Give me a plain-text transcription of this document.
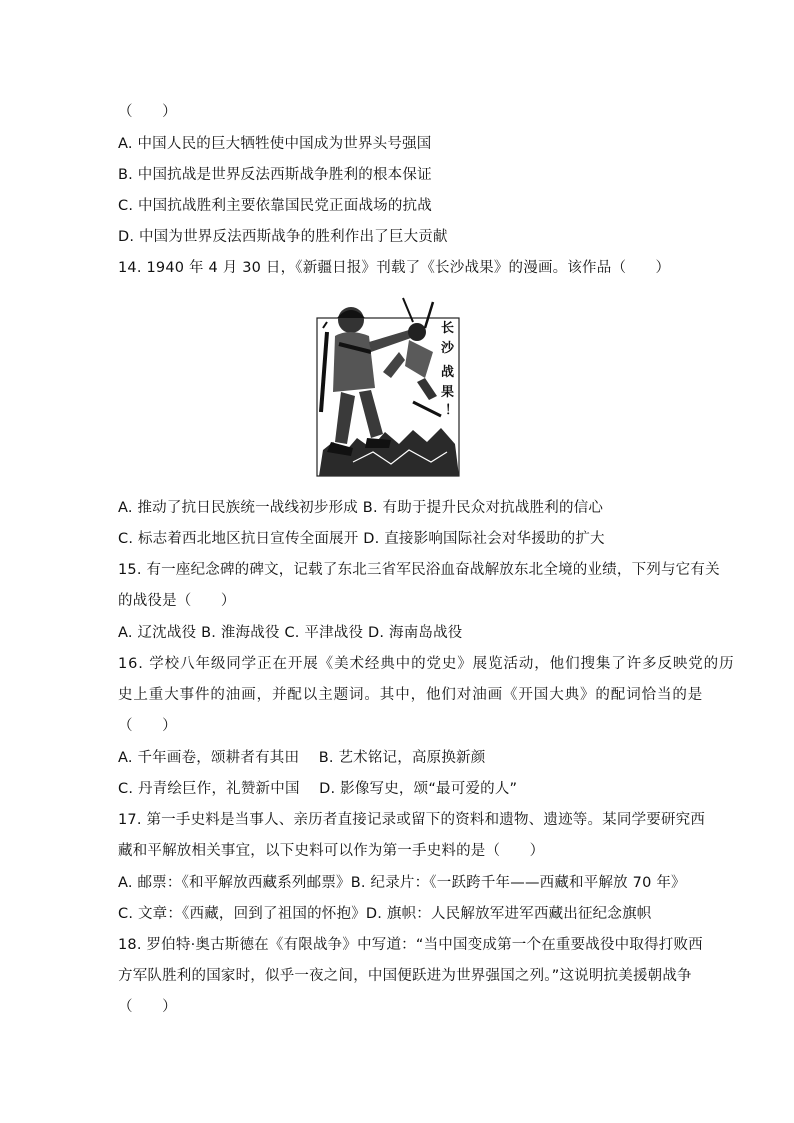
（　　）
A. 中国人民的巨大牺牲使中国成为世界头号强国
B. 中国抗战是世界反法西斯战争胜利的根本保证
C. 中国抗战胜利主要依靠国民党正面战场的抗战
D. 中国为世界反法西斯战争的胜利作出了巨大贡献
14. 1940 年 4 月 30 日，《新疆日报》刊载了《长沙战果》的漫画。该作品（　　）
长
沙
战
果
！
A. 推动了抗日民族统一战线初步形成 B. 有助于提升民众对抗战胜利的信心
C. 标志着西北地区抗日宣传全面展开 D. 直接影响国际社会对华援助的扩大
15. 有一座纪念碑的碑文，记载了东北三省军民浴血奋战解放东北全境的业绩，下列与它有关
的战役是（　　）
A. 辽沈战役 B. 淮海战役 C. 平津战役 D. 海南岛战役
16. 学校八年级同学正在开展《美术经典中的党史》展览活动，他们搜集了许多反映党的历
史上重大事件的油画，并配以主题词。其中，他们对油画《开国大典》的配词恰当的是
（　　）
A. 千年画卷，颂耕者有其田　 B. 艺术铭记，高原换新颜
C. 丹青绘巨作，礼赞新中国　 D. 影像写史，颂“最可爱的人”
17. 第一手史料是当事人、亲历者直接记录或留下的资料和遗物、遗迹等。某同学要研究西
藏和平解放相关事宜，以下史料可以作为第一手史料的是（　　）
A. 邮票：《和平解放西藏系列邮票》B. 纪录片：《一跃跨千年——西藏和平解放 70 年》
C. 文章：《西藏，回到了祖国的怀抱》D. 旗帜：人民解放军进军西藏出征纪念旗帜
18. 罗伯特·奥古斯德在《有限战争》中写道：“当中国变成第一个在重要战役中取得打败西
方军队胜利的国家时，似乎一夜之间，中国便跃进为世界强国之列。”这说明抗美援朝战争
（　　）
